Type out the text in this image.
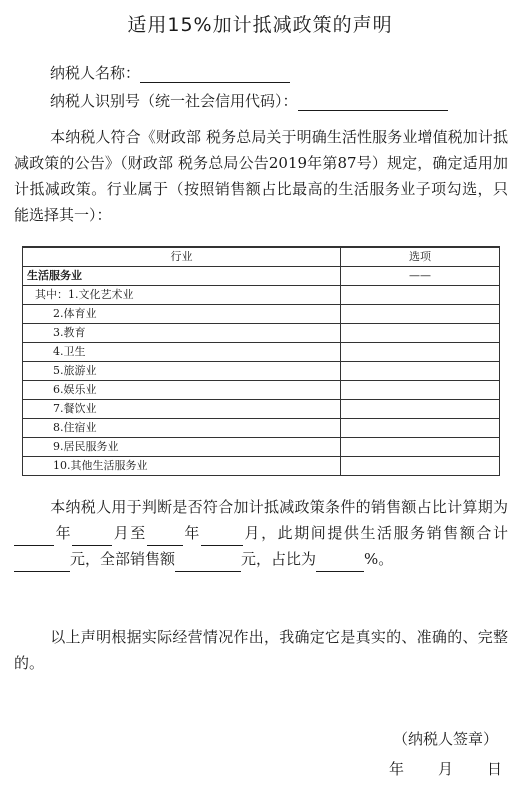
适用15%加计抵减政策的声明
纳税人名称：
纳税人识别号（统一社会信用代码）：
本纳税人符合《财政部 税务总局关于明确生活性服务业增值税加计抵减政策的公告》（财政部 税务总局公告2019年第87号）规定，确定适用加计抵减政策。行业属于（按照销售额占比最高的生活服务业子项勾选，只能选择其一）：
行业	选项
生活服务业	——
其中：1.文化艺术业	
2.体育业	
3.教育	
4.卫生	
5.旅游业	
6.娱乐业	
7.餐饮业	
8.住宿业	
9.居民服务业	
10.其他生活服务业	
本纳税人用于判断是否符合加计抵减政策条件的销售额占比计算期为年	月至 年	月，此期间提供生活服务销售额合计元，全部销售额	元，占比为	%。
以上声明根据实际经营情况作出，我确定它是真实的、准确的、完整的。
（纳税人签章）
年 月 日
